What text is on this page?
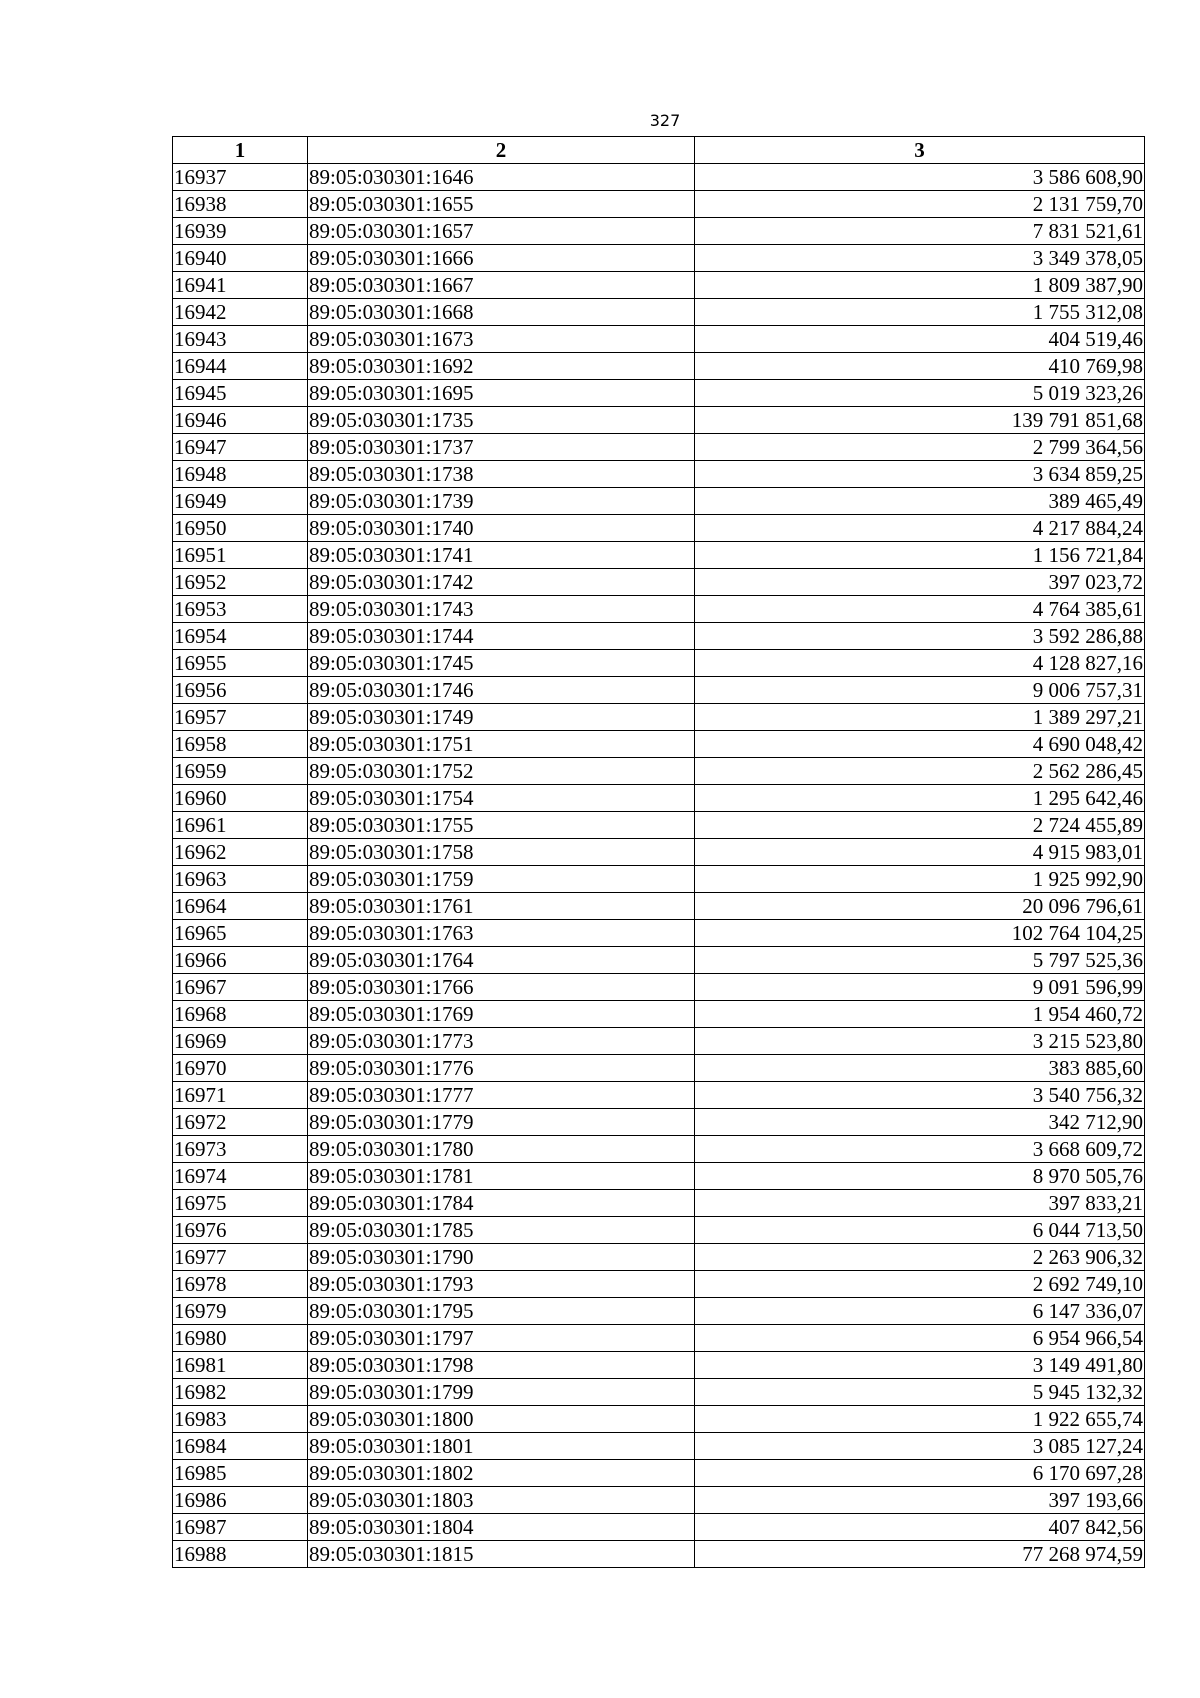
327
1	2	3
16937	89:05:030301:1646	3 586 608,90
16938	89:05:030301:1655	2 131 759,70
16939	89:05:030301:1657	7 831 521,61
16940	89:05:030301:1666	3 349 378,05
16941	89:05:030301:1667	1 809 387,90
16942	89:05:030301:1668	1 755 312,08
16943	89:05:030301:1673	404 519,46
16944	89:05:030301:1692	410 769,98
16945	89:05:030301:1695	5 019 323,26
16946	89:05:030301:1735	139 791 851,68
16947	89:05:030301:1737	2 799 364,56
16948	89:05:030301:1738	3 634 859,25
16949	89:05:030301:1739	389 465,49
16950	89:05:030301:1740	4 217 884,24
16951	89:05:030301:1741	1 156 721,84
16952	89:05:030301:1742	397 023,72
16953	89:05:030301:1743	4 764 385,61
16954	89:05:030301:1744	3 592 286,88
16955	89:05:030301:1745	4 128 827,16
16956	89:05:030301:1746	9 006 757,31
16957	89:05:030301:1749	1 389 297,21
16958	89:05:030301:1751	4 690 048,42
16959	89:05:030301:1752	2 562 286,45
16960	89:05:030301:1754	1 295 642,46
16961	89:05:030301:1755	2 724 455,89
16962	89:05:030301:1758	4 915 983,01
16963	89:05:030301:1759	1 925 992,90
16964	89:05:030301:1761	20 096 796,61
16965	89:05:030301:1763	102 764 104,25
16966	89:05:030301:1764	5 797 525,36
16967	89:05:030301:1766	9 091 596,99
16968	89:05:030301:1769	1 954 460,72
16969	89:05:030301:1773	3 215 523,80
16970	89:05:030301:1776	383 885,60
16971	89:05:030301:1777	3 540 756,32
16972	89:05:030301:1779	342 712,90
16973	89:05:030301:1780	3 668 609,72
16974	89:05:030301:1781	8 970 505,76
16975	89:05:030301:1784	397 833,21
16976	89:05:030301:1785	6 044 713,50
16977	89:05:030301:1790	2 263 906,32
16978	89:05:030301:1793	2 692 749,10
16979	89:05:030301:1795	6 147 336,07
16980	89:05:030301:1797	6 954 966,54
16981	89:05:030301:1798	3 149 491,80
16982	89:05:030301:1799	5 945 132,32
16983	89:05:030301:1800	1 922 655,74
16984	89:05:030301:1801	3 085 127,24
16985	89:05:030301:1802	6 170 697,28
16986	89:05:030301:1803	397 193,66
16987	89:05:030301:1804	407 842,56
16988	89:05:030301:1815	77 268 974,59
